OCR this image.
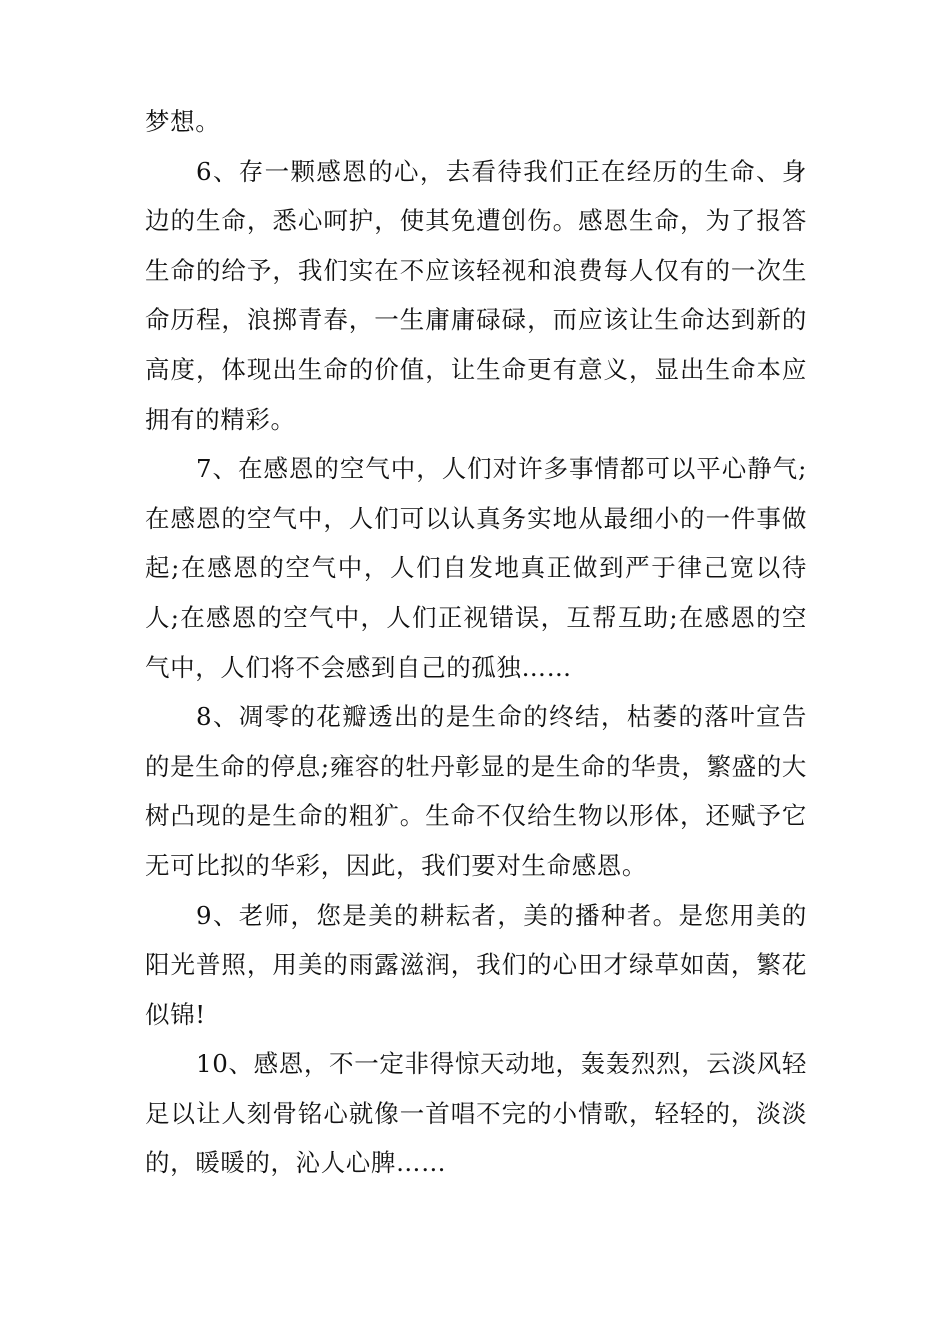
梦想。

6、存一颗感恩的心，去看待我们正在经历的生命、身边的生命，悉心呵护，使其免遭创伤。感恩生命，为了报答生命的给予，我们实在不应该轻视和浪费每人仅有的一次生命历程，浪掷青春，一生庸庸碌碌，而应该让生命达到新的高度，体现出生命的价值，让生命更有意义，显出生命本应拥有的精彩。

7、在感恩的空气中，人们对许多事情都可以平心静气;在感恩的空气中，人们可以认真务实地从最细小的一件事做起;在感恩的空气中，人们自发地真正做到严于律己宽以待人;在感恩的空气中，人们正视错误，互帮互助;在感恩的空气中，人们将不会感到自己的孤独……

8、凋零的花瓣透出的是生命的终结，枯萎的落叶宣告的是生命的停息;雍容的牡丹彰显的是生命的华贵，繁盛的大树凸现的是生命的粗犷。生命不仅给生物以形体，还赋予它无可比拟的华彩，因此，我们要对生命感恩。

9、老师，您是美的耕耘者，美的播种者。是您用美的阳光普照，用美的雨露滋润，我们的心田才绿草如茵，繁花似锦!

10、感恩，不一定非得惊天动地，轰轰烈烈，云淡风轻足以让人刻骨铭心就像一首唱不完的小情歌，轻轻的，淡淡的，暖暖的，沁人心脾……
